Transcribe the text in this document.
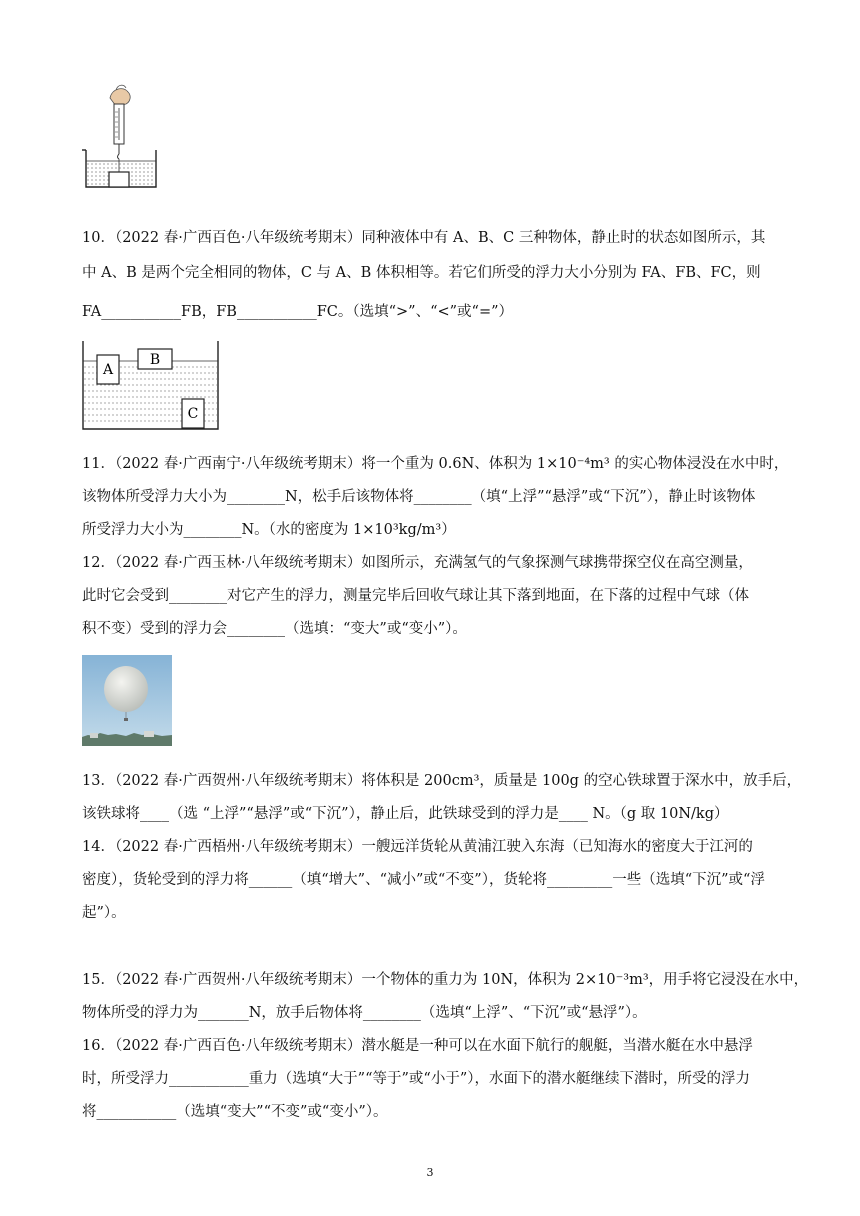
10．（2022 春·广西百色·八年级统考期末）同种液体中有 A、B、C 三种物体，静止时的状态如图所示，其
中 A、B 是两个完全相同的物体，C 与 A、B 体积相等。若它们所受的浮力大小分别为 FA、FB、FC，则
FA___________FB，FB___________FC。（选填“>”、“<”或“=”）
A
B
C
11．（2022 春·广西南宁·八年级统考期末）将一个重为 0.6N、体积为 1×10⁻⁴m³ 的实心物体浸没在水中时，
该物体所受浮力大小为________N，松手后该物体将________（填“上浮”“悬浮”或“下沉”），静止时该物体
所受浮力大小为________N。（水的密度为 1×10³kg/m³）
12．（2022 春·广西玉林·八年级统考期末）如图所示，充满氢气的气象探测气球携带探空仪在高空测量，
此时它会受到________对它产生的浮力，测量完毕后回收气球让其下落到地面，在下落的过程中气球（体
积不变）受到的浮力会________（选填：“变大”或“变小”）。
13．（2022 春·广西贺州·八年级统考期末）将体积是 200cm³，质量是 100g 的空心铁球置于深水中，放手后，
该铁球将____（选 “上浮”“悬浮”或“下沉”），静止后，此铁球受到的浮力是____ N。（g 取 10N/kg）
14．（2022 春·广西梧州·八年级统考期末）一艘远洋货轮从黄浦江驶入东海（已知海水的密度大于江河的
密度），货轮受到的浮力将______（填“增大”、“减小”或“不变”），货轮将_________一些（选填“下沉”或“浮
起”）。
15．（2022 春·广西贺州·八年级统考期末）一个物体的重力为 10N，体积为 2×10⁻³m³，用手将它浸没在水中，
物体所受的浮力为_______N，放手后物体将________（选填“上浮”、“下沉”或“悬浮”）。
16．（2022 春·广西百色·八年级统考期末）潜水艇是一种可以在水面下航行的舰艇，当潜水艇在水中悬浮
时，所受浮力___________重力（选填“大于”“等于”或“小于”），水面下的潜水艇继续下潜时，所受的浮力
将___________（选填“变大”“不变”或“变小”）。
3
